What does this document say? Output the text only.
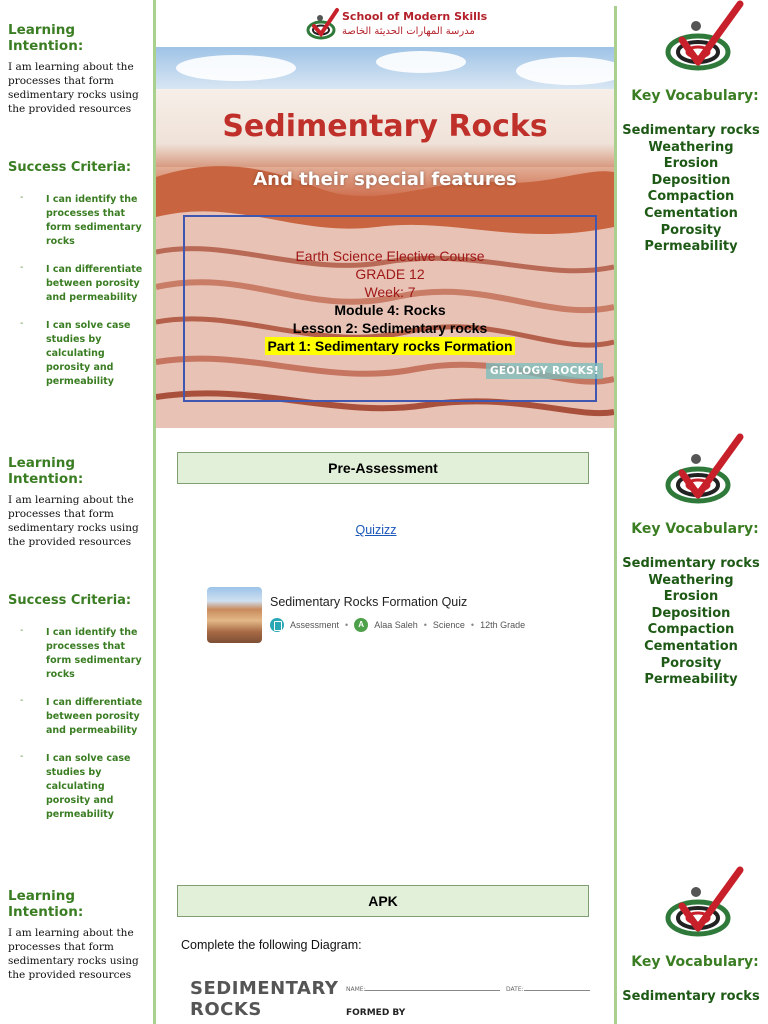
Learning Intention:
I am learning about the processes that form sedimentary rocks using the provided resources
Success Criteria:
- I can identify the processes that form sedimentary rocks
- I can differentiate between porosity and permeability
- I can solve case studies by calculating porosity and permeability
School of Modern Skills
مدرسة المهارات الحديثة الخاصة
Sedimentary Rocks
And their special features
Earth Science Elective Course
GRADE 12
Week: 7
Module 4: Rocks
Lesson 2: Sedimentary rocks
Part 1: Sedimentary rocks Formation
GEOLOGY ROCKS!
Key Vocabulary:
Sedimentary rocks
Weathering
Erosion
Deposition
Compaction
Cementation
Porosity
Permeability
Learning Intention:
I am learning about the processes that form sedimentary rocks using the provided resources
Success Criteria:
- I can identify the processes that form sedimentary rocks
- I can differentiate between porosity and permeability
- I can solve case studies by calculating porosity and permeability
Pre-Assessment
Quizizz
Sedimentary Rocks Formation Quiz
Assessment •	A	Alaa Saleh • Science • 12th Grade
Key Vocabulary:
Sedimentary rocks
Weathering
Erosion
Deposition
Compaction
Cementation
Porosity
Permeability
Learning Intention:
I am learning about the processes that form sedimentary rocks using the provided resources
APK
Complete the following Diagram:
SEDIMENTARY
ROCKS
NAME:	DATE:
FORMED BY
Key Vocabulary:
Sedimentary rocks
